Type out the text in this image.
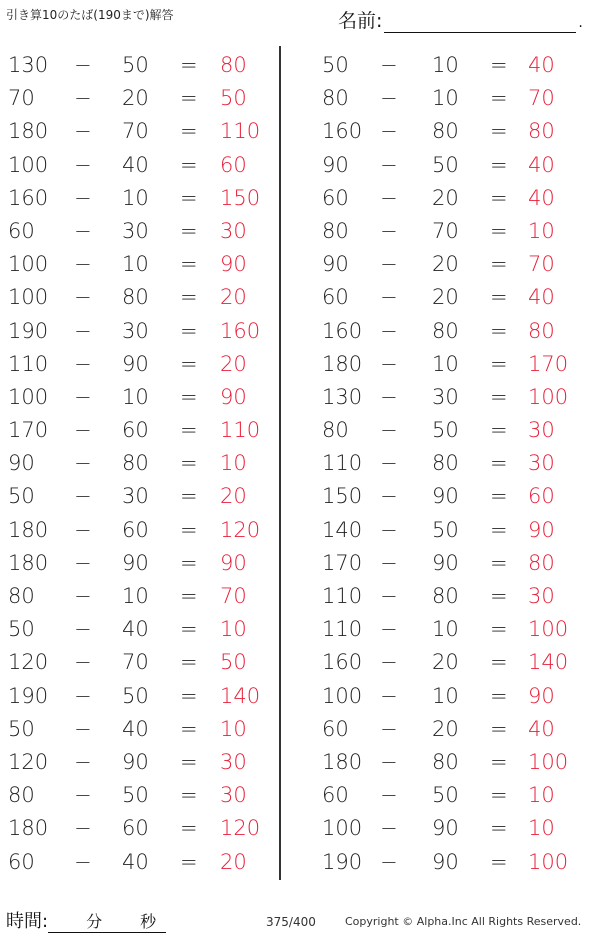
引き算10のたば(190まで)解答	名前:	.
130	− 50 = 80
70	− 20 = 50
180	− 70 = 110
100	− 40 = 60
160	− 10 = 150
60	− 30 = 30
100	− 10 = 90
100	− 80 = 20
190	− 30 = 160
110	− 90 = 20
100	− 10 = 90
170	− 60 = 110
90	− 80 = 10
50	− 30 = 20
180	− 60 = 120
180	− 90 = 90
80	− 10 = 70
50	− 40 = 10
120	− 70 = 50
190	− 50 = 140
50	− 40 = 10
120	− 90 = 30
80	− 50 = 30
180	− 60 = 120
60	− 40 = 20
50	− 10 = 40
80	− 10 = 70
160 − 80 = 80
90	− 50 = 40
60	− 20 = 40
80	− 70 = 10
90	− 20 = 70
60	− 20 = 40
160 − 80 = 80
180 − 10 = 170
130 − 30 = 100
80	− 50 = 30
110 − 80 = 30
150 − 90 = 60
140 − 50 = 90
170 − 90 = 80
110 − 80 = 30
110 − 10 = 100
160 − 20 = 140
100 − 10 = 90
60	− 20 = 40
180 − 80 = 100
60	− 50 = 10
100 − 90 = 10
190 − 90 = 100
時間: 分 秒	375/400	Copyright © Alpha.Inc All Rights Reserved.
